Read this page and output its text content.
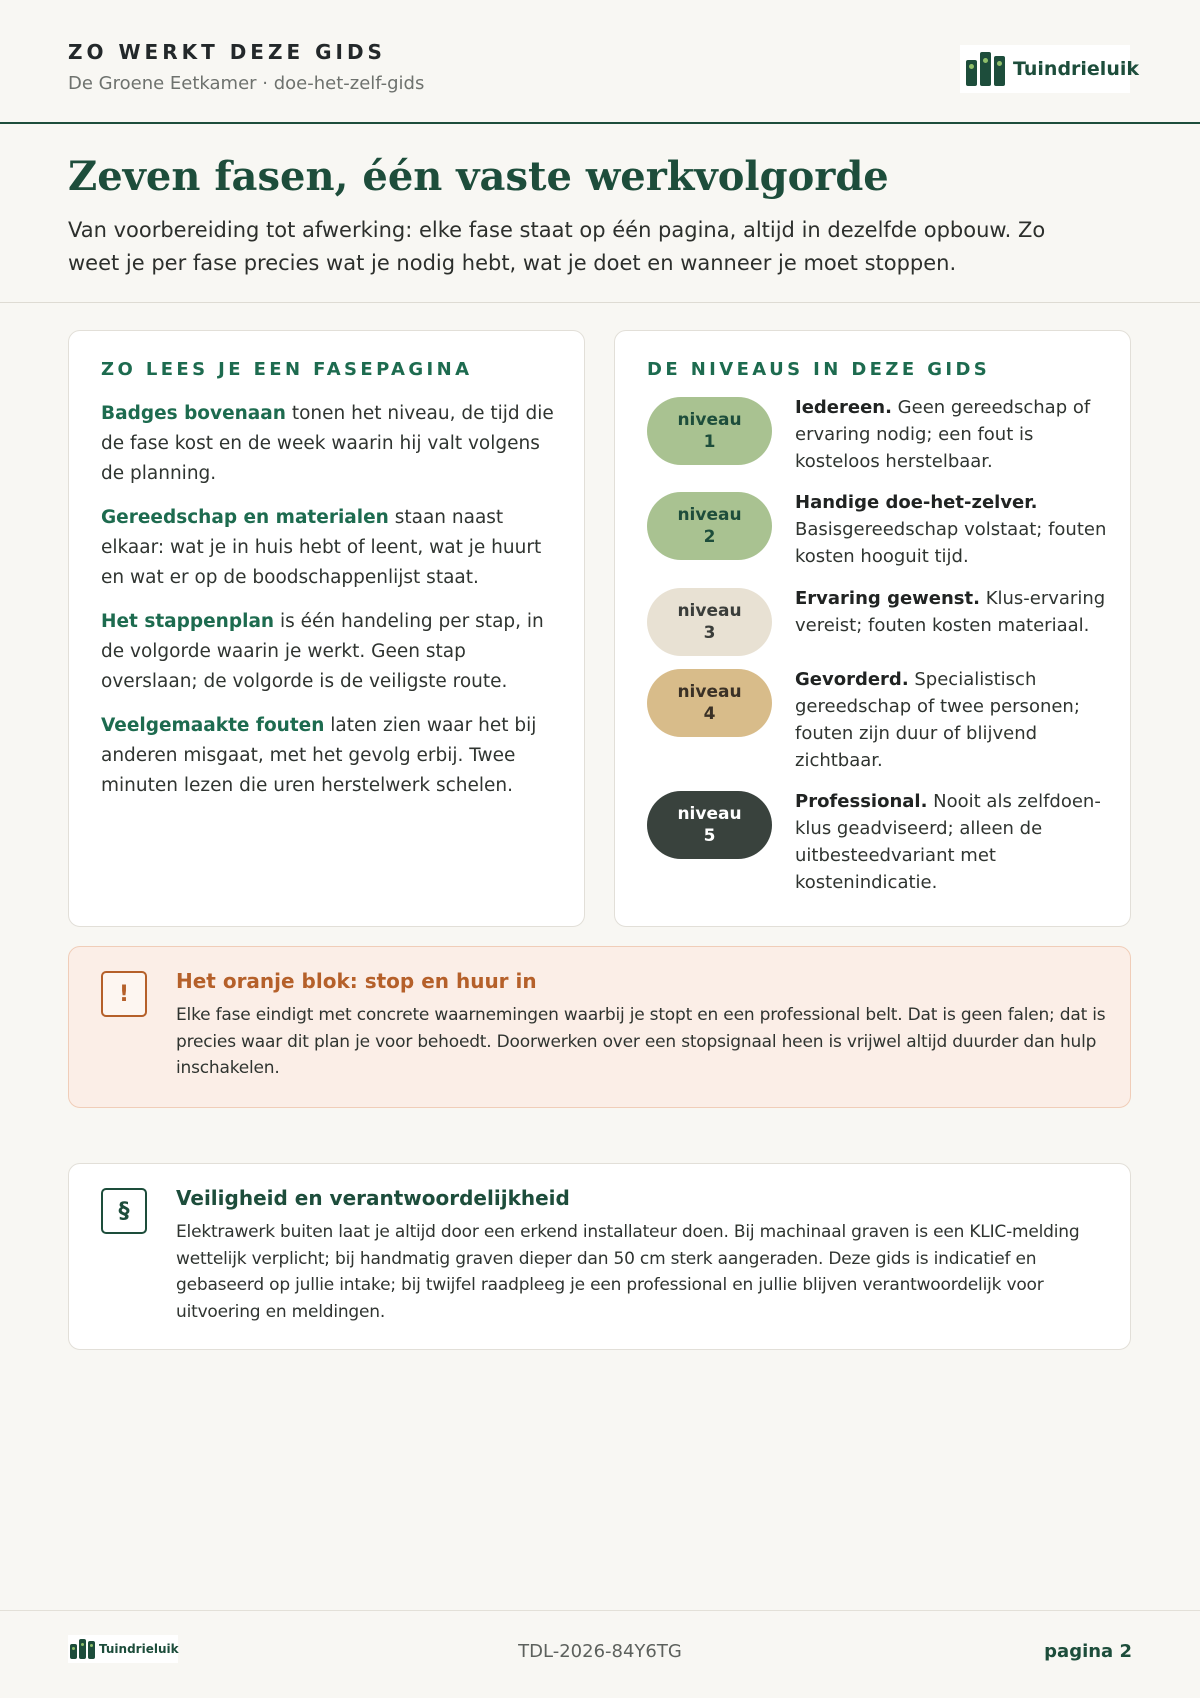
ZO WERKT DEZE GIDS
De Groene Eetkamer · doe-het-zelf-gids
Tuindrieluik
Zeven fasen, één vaste werkvolgorde

Van voorbereiding tot afwerking: elke fase staat op één pagina, altijd in dezelfde opbouw. Zo weet je per fase precies wat je nodig hebt, wat je doet en wanneer je moet stoppen.

ZO LEES JE EEN FASEPAGINA

Badges bovenaan tonen het niveau, de tijd die de fase kost en de week waarin hij valt volgens de planning.

Gereedschap en materialen staan naast elkaar: wat je in huis hebt of leent, wat je huurt en wat er op de boodschappenlijst staat.

Het stappenplan is één handeling per stap, in de volgorde waarin je werkt. Geen stap overslaan; de volgorde is de veiligste route.

Veelgemaakte fouten laten zien waar het bij anderen misgaat, met het gevolg erbij. Twee minuten lezen die uren herstelwerk schelen.

DE NIVEAUS IN DEZE GIDS
niveau
1

Iedereen. Geen gereedschap of ervaring nodig; een fout is kosteloos herstelbaar.

niveau
2

Handige doe-het-zelver. Basisgereedschap volstaat; fouten kosten hooguit tijd.

niveau
3

Ervaring gewenst. Klus-ervaring vereist; fouten kosten materiaal.

niveau
4

Gevorderd. Specialistisch gereedschap of twee personen; fouten zijn duur of blijvend zichtbaar.

niveau
5

Professional. Nooit als zelfdoen-klus geadviseerd; alleen de uitbesteedvariant met kostenindicatie.

!
Het oranje blok: stop en huur in

Elke fase eindigt met concrete waarnemingen waarbij je stopt en een professional belt. Dat is geen falen; dat is precies waar dit plan je voor behoedt. Doorwerken over een stopsignaal heen is vrijwel altijd duurder dan hulp inschakelen.

§
Veiligheid en verantwoordelijkheid

Elektrawerk buiten laat je altijd door een erkend installateur doen. Bij machinaal graven is een KLIC-melding wettelijk verplicht; bij handmatig graven dieper dan 50 cm sterk aangeraden. Deze gids is indicatief en gebaseerd op jullie intake; bij twijfel raadpleeg je een professional en jullie blijven verantwoordelijk voor uitvoering en meldingen.

Tuindrieluik	TDL-2026-84Y6TG	pagina 2
